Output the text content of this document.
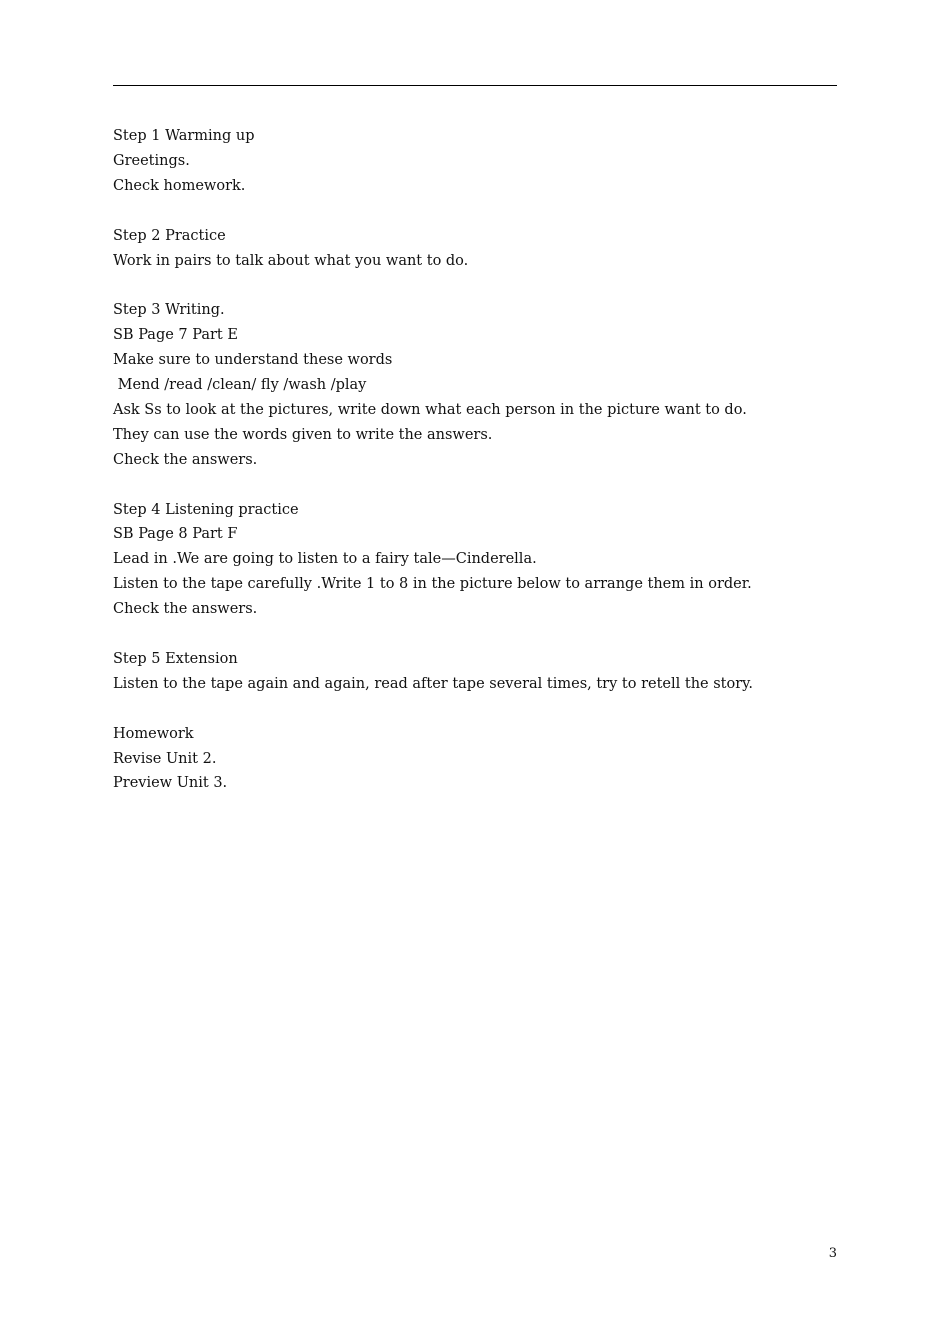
Step 1 Warming up
Greetings.
Check homework.
Step 2 Practice
Work in pairs to talk about what you want to do.
Step 3 Writing.
SB Page 7 Part E
Make sure to understand these words
Mend /read /clean/ fly /wash /play
Ask Ss to look at the pictures, write down what each person in the picture want to do.
They can use the words given to write the answers.
Check the answers.
Step 4 Listening practice
SB Page 8 Part F
Lead in .We are going to listen to a fairy tale—Cinderella.
Listen to the tape carefully .Write 1 to 8 in the picture below to arrange them in order.
Check the answers.
Step 5 Extension
Listen to the tape again and again, read after tape several times, try to retell the story.
Homework
Revise Unit 2.
Preview Unit 3.
3
